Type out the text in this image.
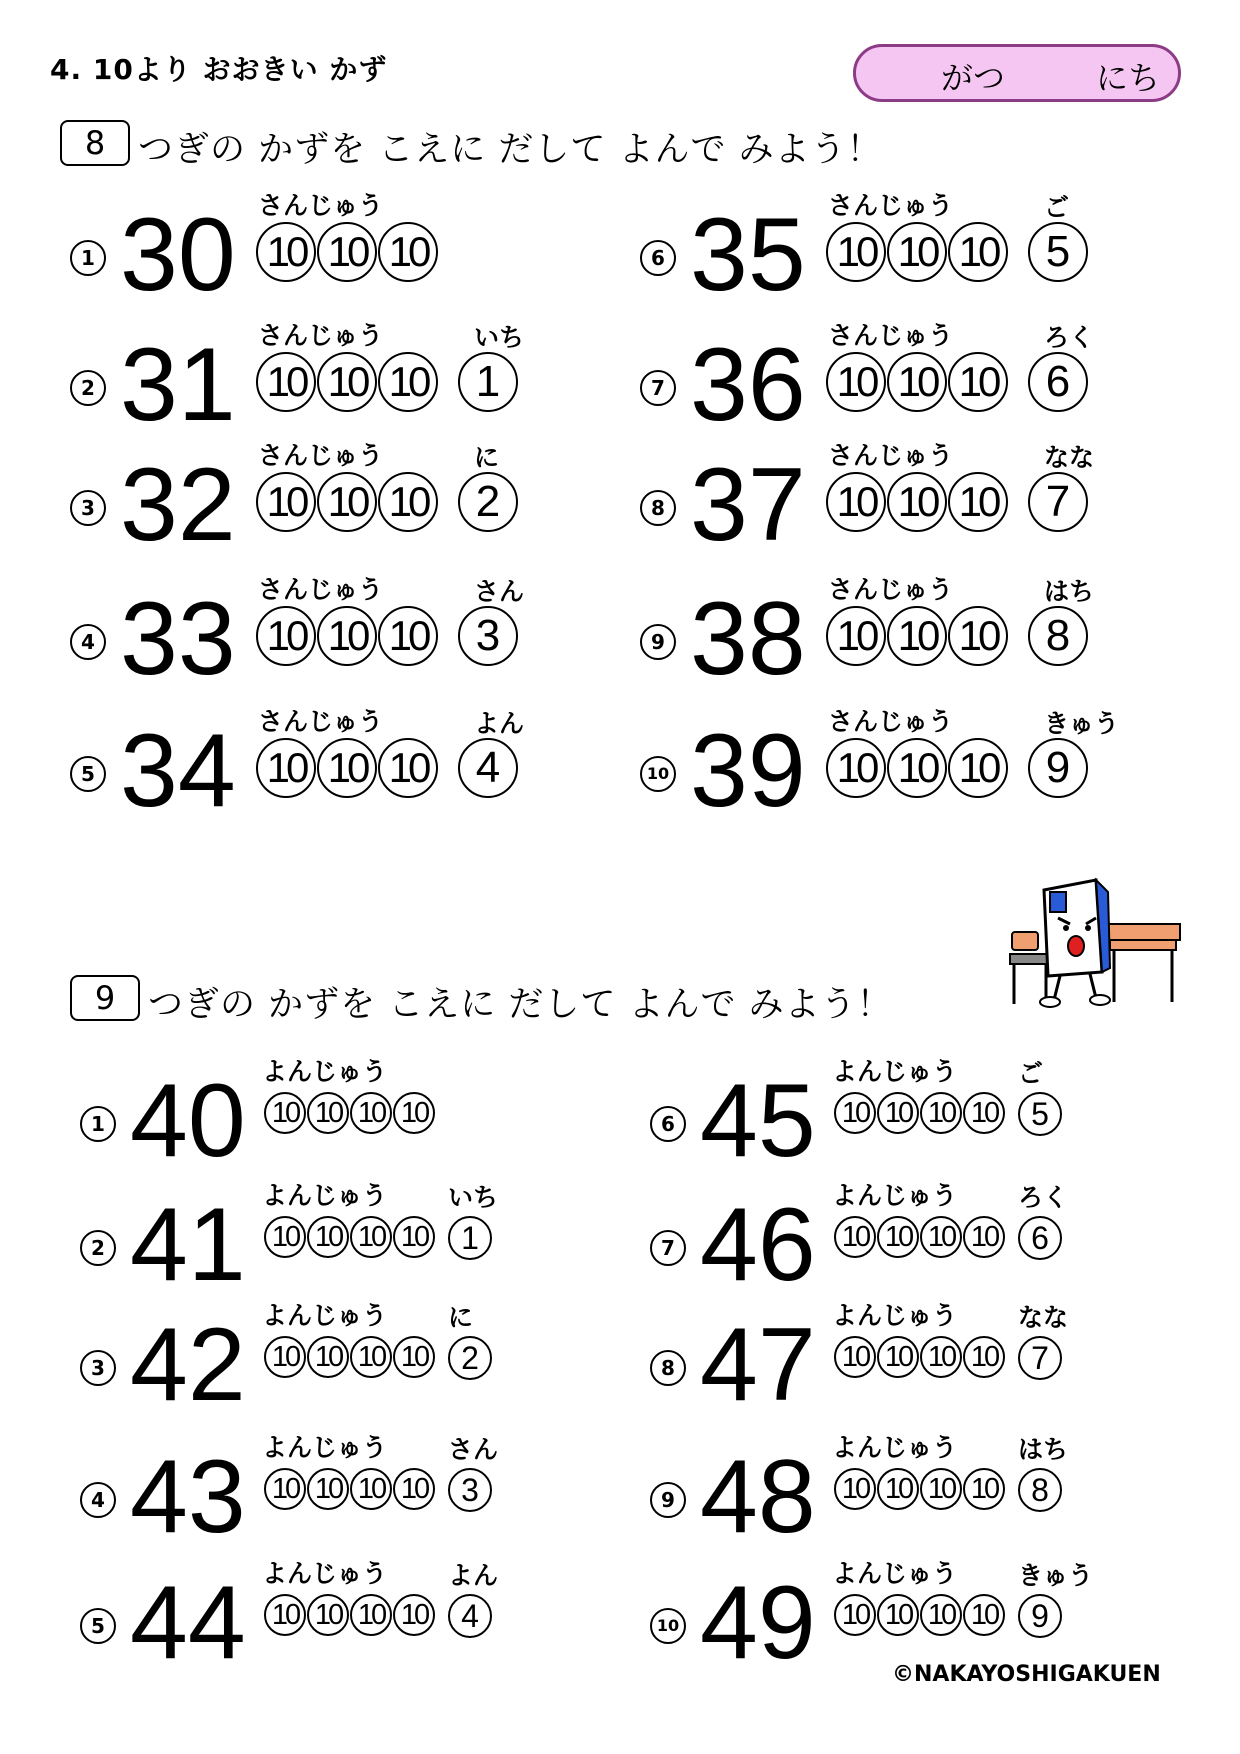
4. 10より おおきい かず	がつ	にち
8 つぎの かずを こえに だして よんで みよう！
1 30 さんじゅう
10 10 10
2 31 さんじゅう
10 10 10
いち
1
3 32 さんじゅう
10 10 10
に
2
4 33 さんじゅう
10 10 10
さん
3
5 34 さんじゅう
10 10 10
よん
4
6 35 さんじゅう
10 10 10
ご
5
7 36 さんじゅう
10 10 10
ろく
6
8 37 さんじゅう
10 10 10
なな
7
9 38 さんじゅう
10 10 10
はち
8
10 39 さんじゅう
10 10 10
きゅう
9
9 つぎの かずを こえに だして よんで みよう！
1 40 よんじゅう
10 10 10 10
2 41 よんじゅう
10 10 10 10
いち
1
3 42 よんじゅう
10 10 10 10
に
2
4 43 よんじゅう
10 10 10 10
さん
3
5 44 よんじゅう
10 10 10 10
よん
4
6 45 よんじゅう
10 10 10 10
ご
5
7 46 よんじゅう
10 10 10 10
ろく
6
8 47 よんじゅう
10 10 10 10
なな
7
9 48 よんじゅう
10 10 10 10
はち
8
10 49 よんじゅう
10 10 10 10
きゅう
9
©NAKAYOSHIGAKUEN
